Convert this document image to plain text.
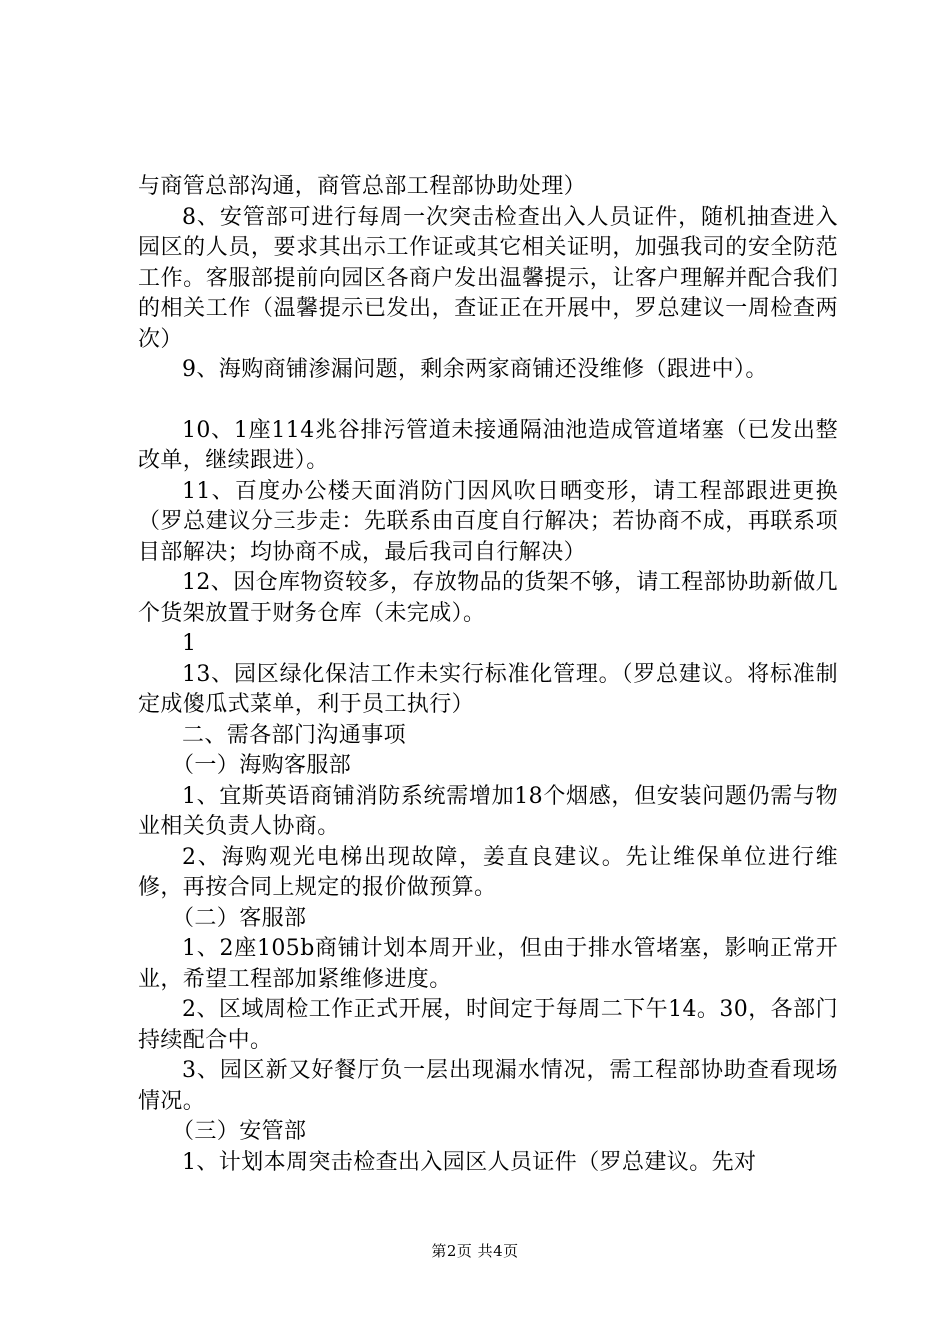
与商管总部沟通，商管总部工程部协助处理）

8、安管部可进行每周一次突击检查出入人员证件，随机抽查进入园区的人员，要求其出示工作证或其它相关证明，加强我司的安全防范工作。客服部提前向园区各商户发出温馨提示，让客户理解并配合我们的相关工作（温馨提示已发出，查证正在开展中，罗总建议一周检查两次）

9、海购商铺渗漏问题，剩余两家商铺还没维修（跟进中）。

10、1座114兆谷排污管道未接通隔油池造成管道堵塞（已发出整改单，继续跟进）。

11、百度办公楼天面消防门因风吹日晒变形，请工程部跟进更换（罗总建议分三步走：先联系由百度自行解决；若协商不成，再联系项目部解决；均协商不成，最后我司自行解决）

12、因仓库物资较多，存放物品的货架不够，请工程部协助新做几个货架放置于财务仓库（未完成）。

1

13、园区绿化保洁工作未实行标准化管理。（罗总建议。将标准制定成傻瓜式菜单，利于员工执行）

二、需各部门沟通事项

（一）海购客服部

1、宜斯英语商铺消防系统需增加18个烟感，但安装问题仍需与物业相关负责人协商。

2、海购观光电梯出现故障，姜直良建议。先让维保单位进行维修，再按合同上规定的报价做预算。

（二）客服部

1、2座105b商铺计划本周开业，但由于排水管堵塞，影响正常开业，希望工程部加紧维修进度。

2、区域周检工作正式开展，时间定于每周二下午14。30，各部门持续配合中。

3、园区新又好餐厅负一层出现漏水情况，需工程部协助查看现场情况。

（三）安管部

1、计划本周突击检查出入园区人员证件（罗总建议。先对

第2页 共4页
